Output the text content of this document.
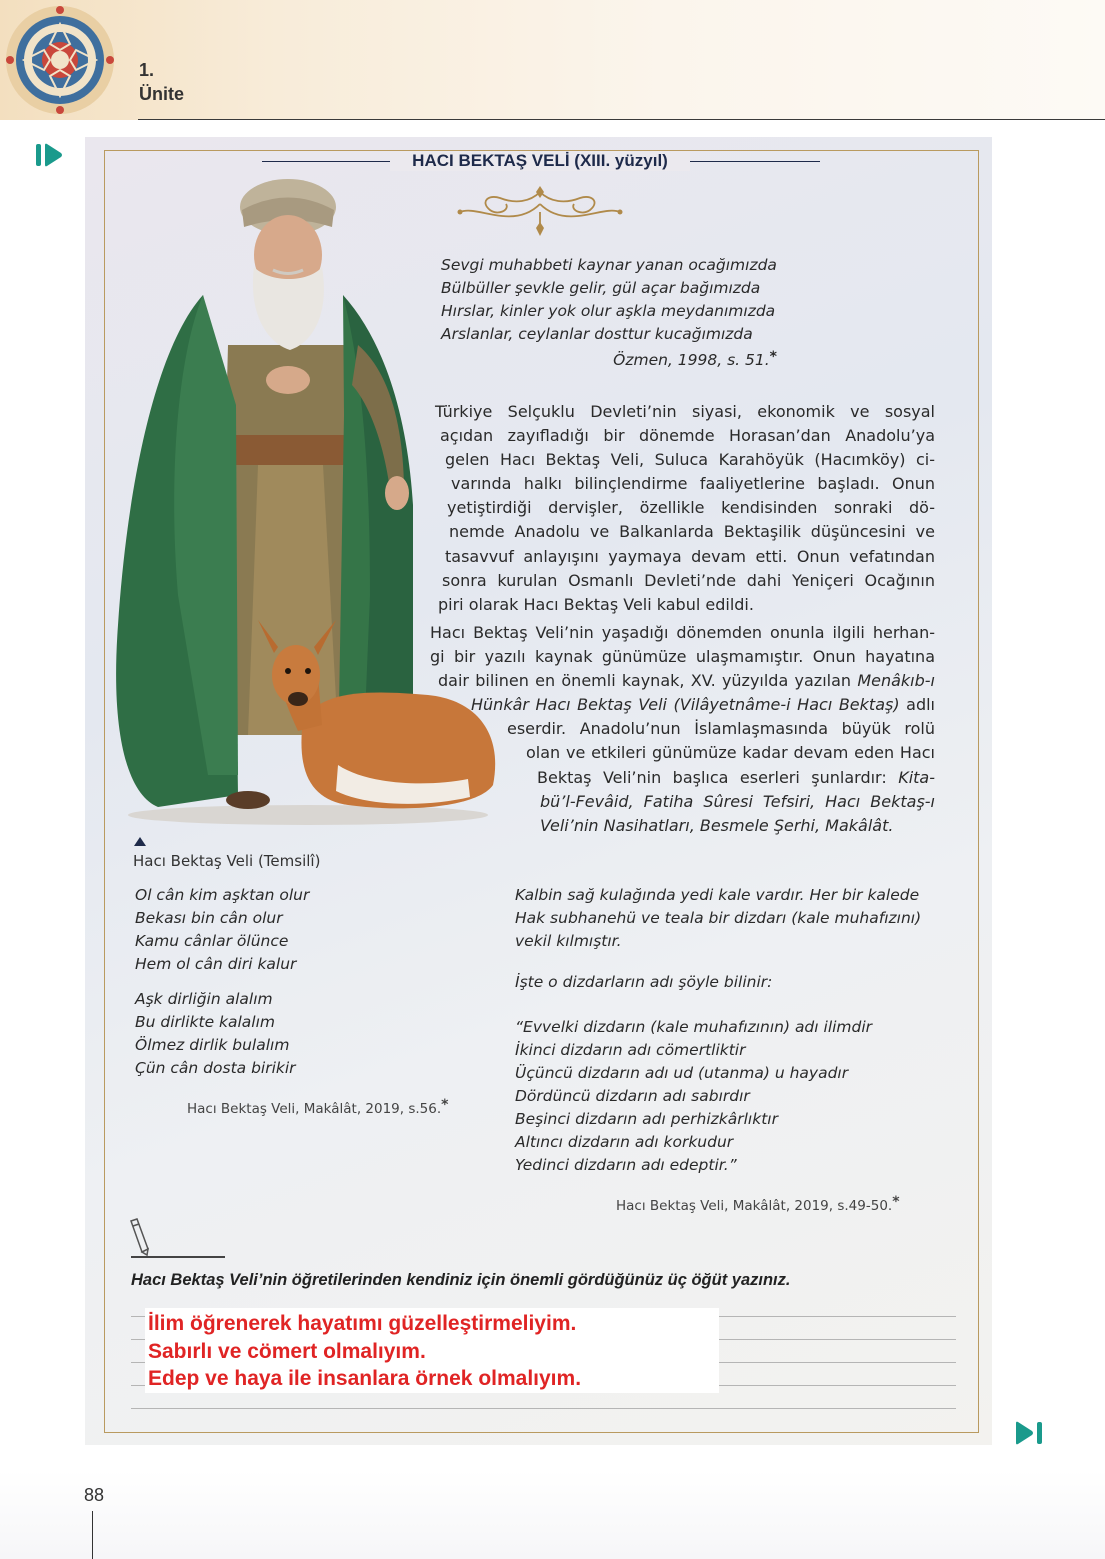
1.
Ünite
HACI BEKTAŞ VELİ (XIII. yüzyıl)
Sevgi muhabbeti kaynar yanan ocağımızda
Bülbüller şevkle gelir, gül açar bağımızda
Hırslar, kinler yok olur aşkla meydanımızda
Arslanlar, ceylanlar dosttur kucağımızda
Özmen, 1998, s. 51.*
Türkiye Selçuklu Devleti’nin siyasi, ekonomik ve sosyal
açıdan zayıfladığı bir dönemde Horasan’dan Anadolu’ya
gelen Hacı Bektaş Veli, Suluca Karahöyük (Hacımköy) ci-
varında halkı bilinçlendirme faaliyetlerine başladı. Onun
yetiştirdiği dervişler, özellikle kendisinden sonraki dö-
nemde Anadolu ve Balkanlarda Bektaşilik düşüncesini ve
tasavvuf anlayışını yaymaya devam etti. Onun vefatından
sonra kurulan Osmanlı Devleti’nde dahi Yeniçeri Ocağının
piri olarak Hacı Bektaş Veli kabul edildi.
Hacı Bektaş Veli’nin yaşadığı dönemden onunla ilgili herhan-
gi bir yazılı kaynak günümüze ulaşmamıştır. Onun hayatına
dair bilinen en önemli kaynak, XV. yüzyılda yazılan Menâkıb-ı
Hünkâr Hacı Bektaş Veli (Vilâyetnâme-i Hacı Bektaş) adlı
eserdir. Anadolu’nun İslamlaşmasında büyük rolü
olan ve etkileri günümüze kadar devam eden Hacı
Bektaş Veli’nin başlıca eserleri şunlardır: Kita-
bü’l-Fevâid, Fatiha Sûresi Tefsiri, Hacı Bektaş-ı
Veli’nin Nasihatları, Besmele Şerhi, Makâlât.
Hacı Bektaş Veli (Temsilî)
Ol cân kim aşktan olur
Bekası bin cân olur
Kamu cânlar ölünce
Hem ol cân diri kalur
Aşk dirliğin alalım
Bu dirlikte kalalım
Ölmez dirlik bulalım
Çün cân dosta birikir
Hacı Bektaş Veli, Makâlât, 2019, s.56.*
Kalbin sağ kulağında yedi kale vardır. Her bir kalede
Hak subhanehü ve teala bir dizdarı (kale muhafızını)
vekil kılmıştır.
İşte o dizdarların adı şöyle bilinir:
“Evvelki dizdarın (kale muhafızının) adı ilimdir
İkinci dizdarın adı cömertliktir
Üçüncü dizdarın adı ud (utanma) u hayadır
Dördüncü dizdarın adı sabırdır
Beşinci dizdarın adı perhizkârlıktır
Altıncı dizdarın adı korkudur
Yedinci dizdarın adı edeptir.”
Hacı Bektaş Veli, Makâlât, 2019, s.49-50.*
Hacı Bektaş Veli’nin öğretilerinden kendiniz için önemli gördüğünüz üç öğüt yazınız.
İlim öğrenerek hayatımı güzelleştirmeliyim.
Sabırlı ve cömert olmalıyım.
Edep ve haya ile insanlara örnek olmalıyım.
88
